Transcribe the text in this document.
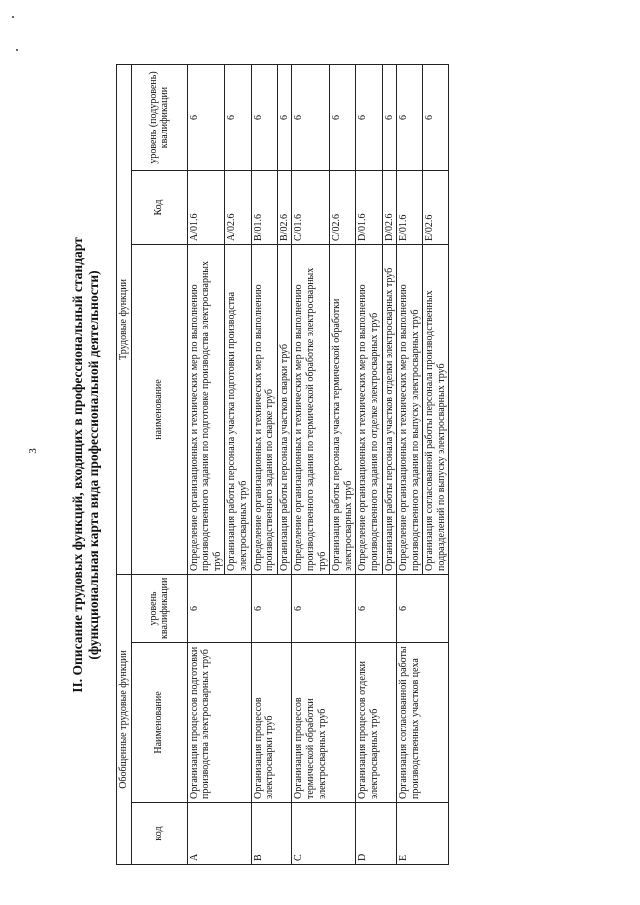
3 II. Описание трудовых функций, входящих в профессиональный стандарт (функциональная карта вида профессиональной деятельности)
Обобщенные трудовые функции			Трудовые функции		
код	Наименование	уровень квалификации	наименование	Код	уровень (подуровень) квалификации
A	Организация процессов подготовки производства электросварных труб	6	Определение организационных и технических мер по выполнению производственного задания по подготовке производства электросварных труб	A/01.6	6
			Организация работы персонала участка подготовки производства электросварных труб	A/02.6	6
B	Организация процессов электросварки труб	6	Определение организационных и технических мер по выполнению производственного задания по сварке труб	B/01.6	6
			Организация работы персонала участков сварки труб	B/02.6	6
C	Организация процессов термической обработки электросварных труб	6	Определение организационных и технических мер по выполнению производственного задания по термической обработке электросварных труб	C/01.6	6
			Организация работы персонала участка термической обработки электросварных труб	C/02.6	6
D	Организация процессов отделки электросварных труб	6	Определение организационных и технических мер по выполнению производственного задания по отделке электросварных труб	D/01.6	6
			Организация работы персонала участков отделки электросварных труб	D/02.6	6
E	Организация согласованной работы производственных участков цеха	6	Определение организационных и технических мер по выполнению производственного задания по выпуску электросварных труб	E/01.6	6
			Организация согласованной работы персонала производственных подразделений по выпуску электросварных труб	E/02.6	6
